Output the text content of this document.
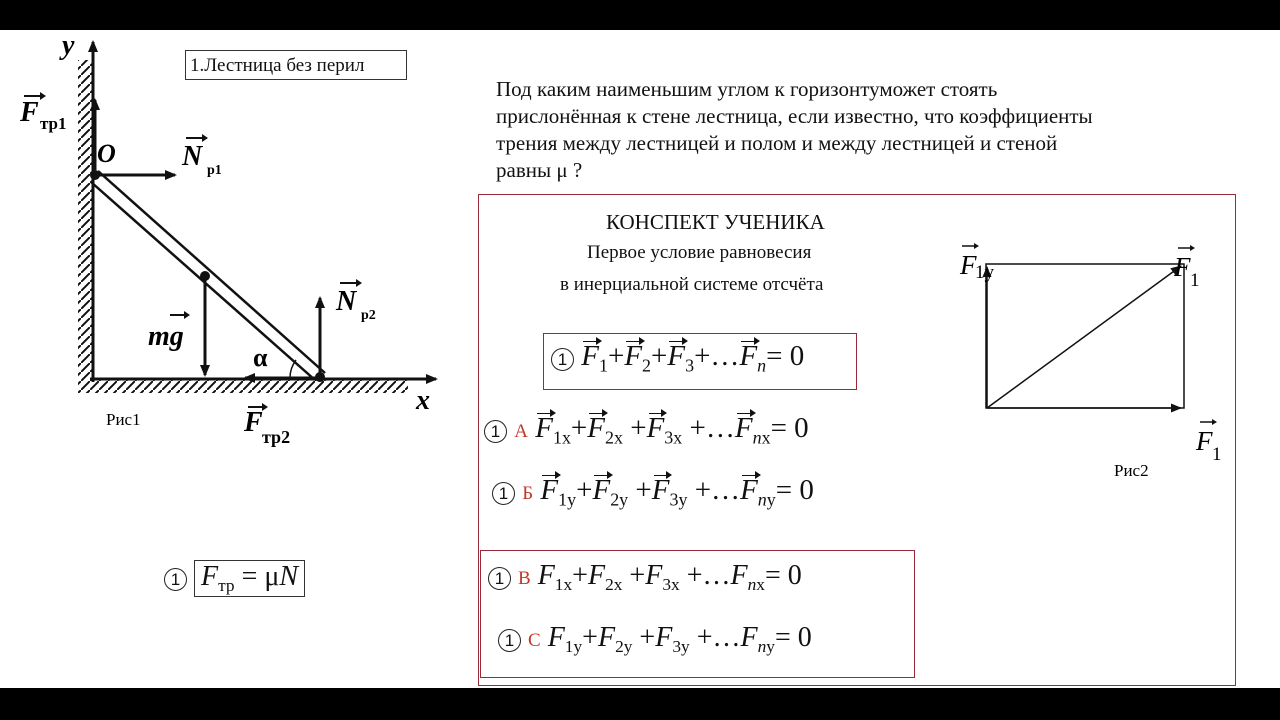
y
x
O
F тр1
N р1
mg
N р2
α
F тр2
Рис1
1.Лестница без перил
Под каким наименьшим углом к горизонтуможет стоять
прислонённая к стене лестница, если известно, что коэффициенты
трения между лестницей и полом и между лестницей и стеной
равны μ ?
КОНСПЕКТ УЧЕНИКА
Первое условие равновесия
в инерциальной системе отсчёта
1 $F_1+F_2+F_3+\dots F_n= 0$
1 А $F_{1x}+F_{2x} +F_{3x}$ $+\dots F_{nx}= 0$
1 Б $F_{1y}+F_{2y} +F_{3y}$ $+\dots F_{ny}= 0$
1 В $F_{1x}+F_{2x} +F_{3x}$ $+\dots F_{nx}= 0$
1 С $F_{1y}+F_{2y} +F_{3y}$ $+\dots F_{ny}= 0$
1 $F_{тр} = \mu N$
F
1у	F 1
F 1
Рис2
